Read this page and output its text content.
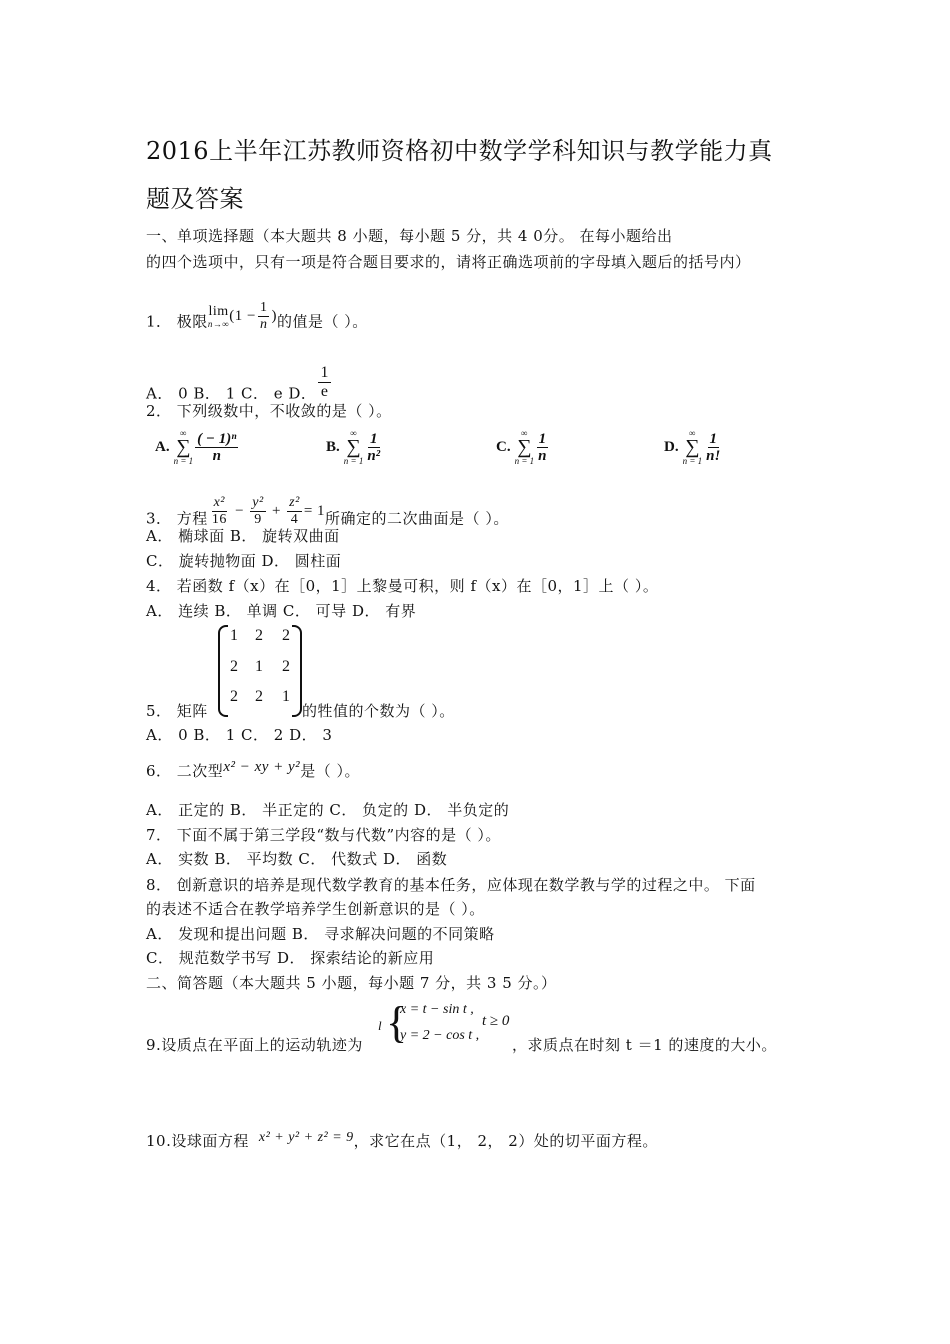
2016上半年江苏教师资格初中数学学科知识与教学能力真
题及答案
一、单项选择题（本大题共 8 小题，每小题 5 分，共 4 0分。 在每小题给出
的四个选项中，只有一项是符合题目要求的，请将正确选项前的字母填入题后的括号内）
1． 极限
lim
n→∞ ($1 - \frac{1}{n}$ )的值是（ ）。
A． 0 B． 1 C． e D． $\frac{1}{e}$
2． 下列级数中，不收敛的是（ ）。
A.
∞
∑
$n = 1 \frac{\text{( − 1)ⁿ}}{n}$	B.
∞
∑
$n = 1 \frac{1}{\text{n²}}$	C.
∞
∑
$n = 1 \frac{1}{n}$	D.
∞
∑
$n = 1 \frac{1}{n!}$
3． 方程 $\frac{\text{x²}}{16} - \frac{\text{y²}}{9} + \frac{\text{z²}}{4} = 1$所确定的二次曲面是（ ）。
A． 椭球面 B． 旋转双曲面
C． 旋转抛物面 D． 圆柱面
4． 若函数 f（x）在［0，1］上黎曼可积，则 f（x）在［0，1］上（ ）。
A． 连续 B． 单调 C． 可导 D． 有界
1	2	2
2	1	2
2	2	1
5． 矩阵	的牲值的个数为（ ）。
A． 0 B． 1 C． 2 D． 3
6． 二次型x² − xy + y²是（ ）。
A． 正定的 B． 半正定的 C． 负定的 D． 半负定的
7． 下面不属于第三学段“数与代数”内容的是（ ）。
A． 实数 B． 平均数 C． 代数式 D． 函数
8． 创新意识的培养是现代数学教育的基本任务，应体现在数学教与学的过程之中。 下面
的表述不适合在教学培养学生创新意识的是（ ）。
A． 发现和提出问题 B． 寻求解决问题的不同策略
C． 规范数学书写 D． 探索结论的新应用
二、简答题（本大题共 5 小题，每小题 7 分，共 3 5 分。）
l {
x = t − sin t ,
y = 2 − cos t ,
t ≥ 0
9.设质点在平面上的运动轨迹为	，求质点在时刻 t ＝1 的速度的大小。
10.设球面方程 x² + y² + z² = 9，求它在点（1， 2， 2）处的切平面方程。
